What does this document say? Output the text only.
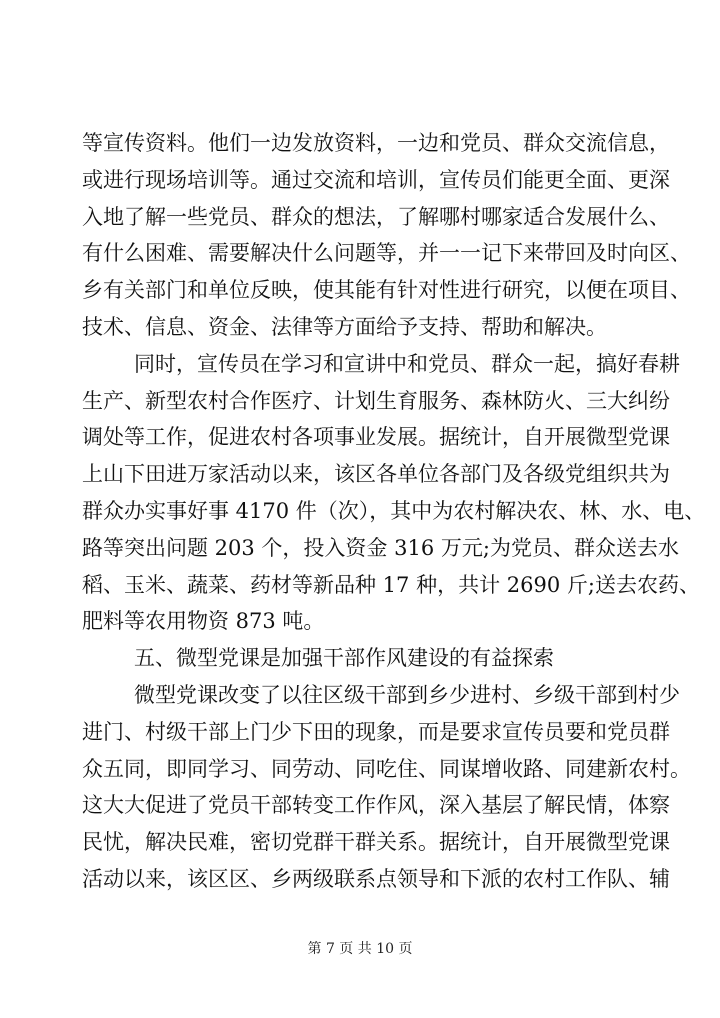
等宣传资料。他们一边发放资料，一边和党员、群众交流信息，
或进行现场培训等。通过交流和培训，宣传员们能更全面、更深
入地了解一些党员、群众的想法，了解哪村哪家适合发展什么、
有什么困难、需要解决什么问题等，并一一记下来带回及时向区、
乡有关部门和单位反映，使其能有针对性进行研究，以便在项目、
技术、信息、资金、法律等方面给予支持、帮助和解决。
同时，宣传员在学习和宣讲中和党员、群众一起，搞好春耕
生产、新型农村合作医疗、计划生育服务、森林防火、三大纠纷
调处等工作，促进农村各项事业发展。据统计，自开展微型党课
上山下田进万家活动以来，该区各单位各部门及各级党组织共为
群众办实事好事 4170 件（次），其中为农村解决农、林、水、电、
路等突出问题 203 个，投入资金 316 万元;为党员、群众送去水
稻、玉米、蔬菜、药材等新品种 17 种，共计 2690 斤;送去农药、
肥料等农用物资 873 吨。
五、微型党课是加强干部作风建设的有益探索
微型党课改变了以往区级干部到乡少进村、乡级干部到村少
进门、村级干部上门少下田的现象，而是要求宣传员要和党员群
众五同，即同学习、同劳动、同吃住、同谋增收路、同建新农村。
这大大促进了党员干部转变工作作风，深入基层了解民情，体察
民忧，解决民难，密切党群干群关系。据统计，自开展微型党课
活动以来，该区区、乡两级联系点领导和下派的农村工作队、辅
第 7 页 共 10 页
